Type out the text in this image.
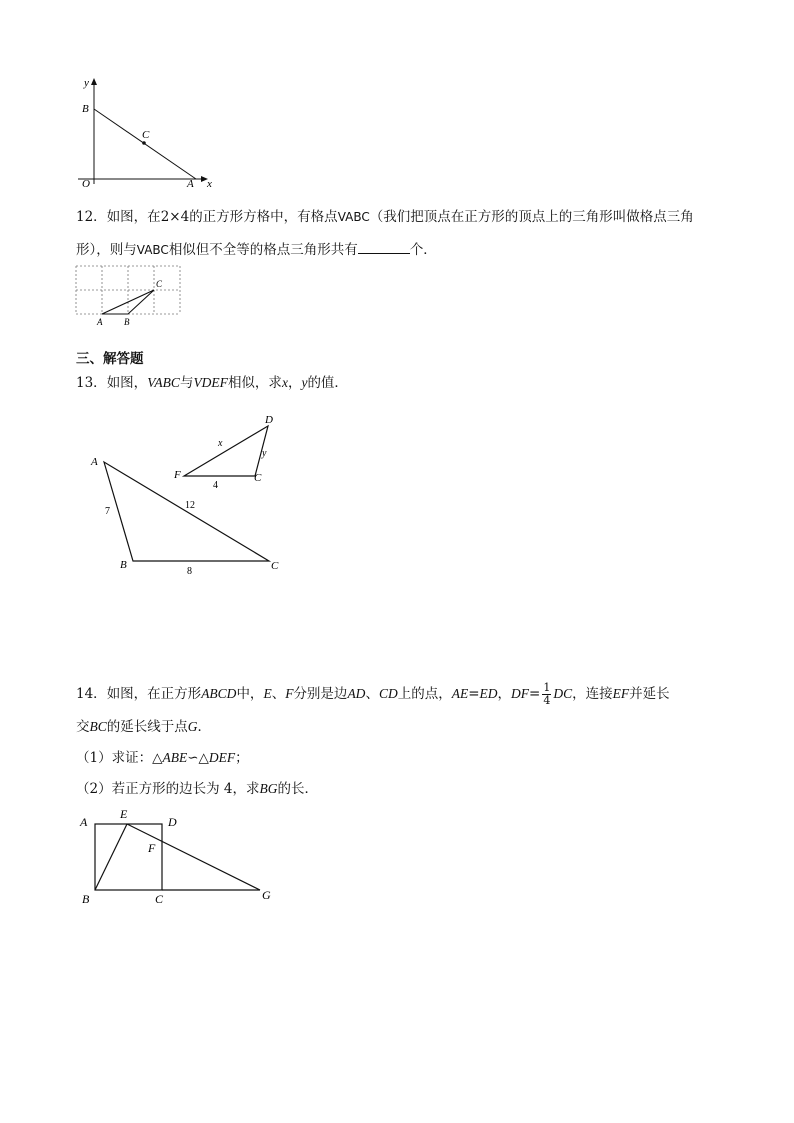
y
x
O
B
C
A
12．如图，在2×4的正方形方格中，有格点VABC（我们把顶点在正方形的顶点上的三角形叫做格点三角
形），则与VABC相似但不全等的格点三角形共有	个．
A B
C
三、解答题
13．如图，VABC与VDEF相似，求x，y的值．
A
B	C
D
F	C
7
12
8
x
y
4
14．如图，在正方形ABCD中，E、F分别是边AD、CD上的点，AE=ED，$DF= \frac{1}{4}$ DC，连接EF并延长
交BC的延长线于点G．
（1）求证：△ABE∽△DEF；
（2）若正方形的边长为 4，求BG的长．
A
E
D
F
B	C	G
